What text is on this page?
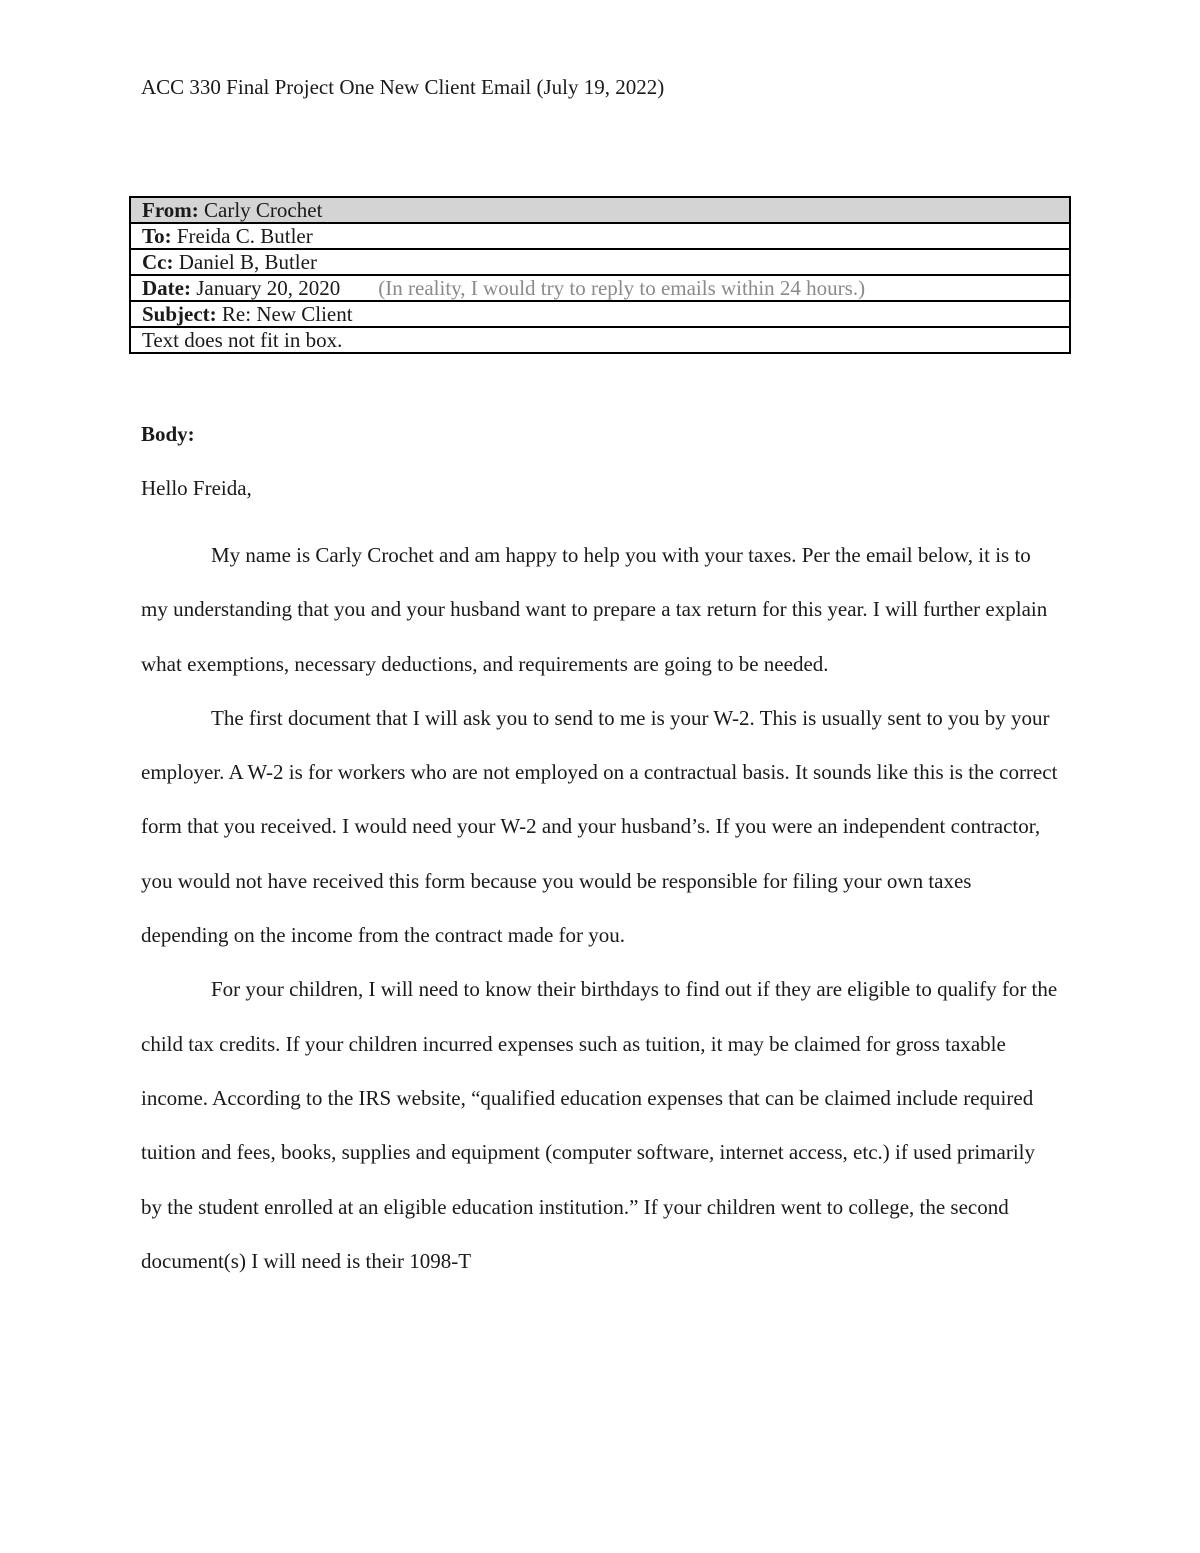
ACC 330 Final Project One New Client Email (July 19, 2022)
From: Carly Crochet
To: Freida C. Butler
Cc: Daniel B, Butler
Date: January 20, 2020 (In reality, I would try to reply to emails within 24 hours.)
Subject: Re: New Client
Text does not fit in box.
Body:
Hello Freida,

My name is Carly Crochet and am happy to help you with your taxes. Per the email below, it is to my understanding that you and your husband want to prepare a tax return for this year. I will further explain what exemptions, necessary deductions, and requirements are going to be needed.

The first document that I will ask you to send to me is your W-2. This is usually sent to you by your employer. A W-2 is for workers who are not employed on a contractual basis. It sounds like this is the correct form that you received. I would need your W-2 and your husband’s. If you were an independent contractor, you would not have received this form because you would be responsible for filing your own taxes depending on the income from the contract made for you.

For your children, I will need to know their birthdays to find out if they are eligible to qualify for the child tax credits. If your children incurred expenses such as tuition, it may be claimed for gross taxable income. According to the IRS website, “qualified education expenses that can be claimed include required tuition and fees, books, supplies and equipment (computer software, internet access, etc.) if used primarily by the student enrolled at an eligible education institution.” If your children went to college, the second document(s) I will need is their 1098-T
